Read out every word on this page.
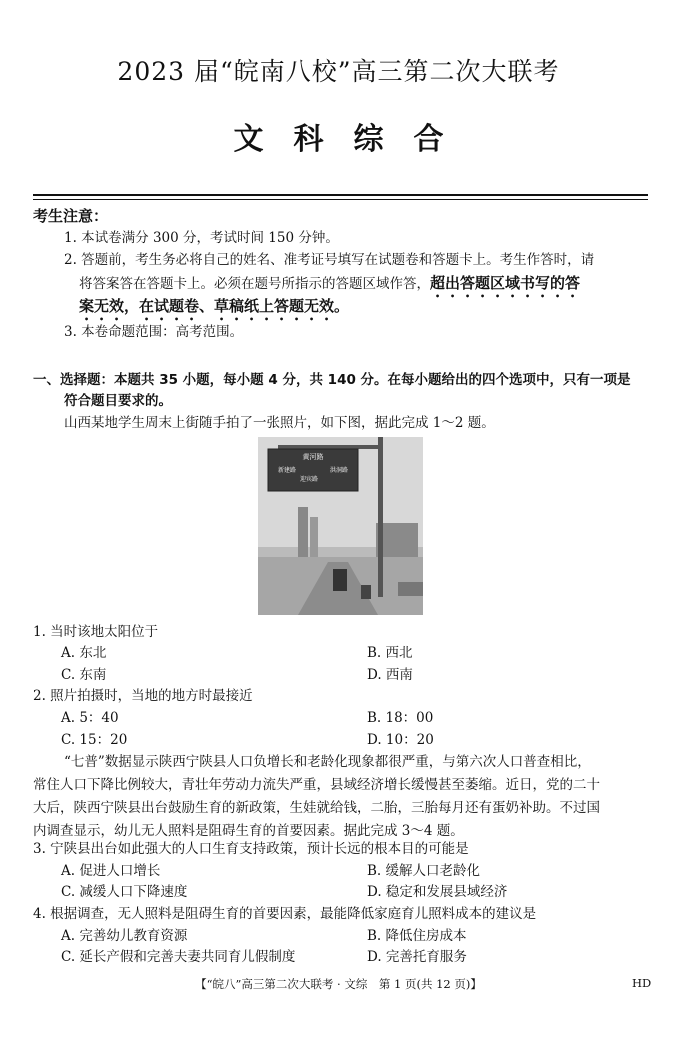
2023 届“皖南八校”高三第二次大联考
文科综合
考生注意：
1. 本试卷满分 300 分，考试时间 150 分钟。
2. 答题前，考生务必将自己的姓名、准考证号填写在试题卷和答题卡上。考生作答时，请
将答案答在答题卡上。必须在题号所指示的答题区域作答，超出答题区域书写的答
案无效，在试题卷、草稿纸上答题无效。
3. 本卷命题范围：高考范围。
一、选择题：本题共 35 小题，每小题 4 分，共 140 分。在每小题给出的四个选项中，只有一项是
符合题目要求的。
山西某地学生周末上街随手拍了一张照片，如下图，据此完成 1～2 题。
黄河路
新建路	洪洞路
迎宾路
1. 当时该地太阳位于
A. 东北	B. 西北
C. 东南	D. 西南
2. 照片拍摄时，当地的地方时最接近
A. 5：40	B. 18：00
C. 15：20	D. 10：20
“七普”数据显示陕西宁陕县人口负增长和老龄化现象都很严重，与第六次人口普查相比，
常住人口下降比例较大，青壮年劳动力流失严重，县域经济增长缓慢甚至萎缩。近日，党的二十
大后，陕西宁陕县出台鼓励生育的新政策，生娃就给钱，二胎，三胎每月还有蛋奶补助。不过国
内调查显示，幼儿无人照料是阻碍生育的首要因素。据此完成 3～4 题。
3. 宁陕县出台如此强大的人口生育支持政策，预计长远的根本目的可能是
A. 促进人口增长	B. 缓解人口老龄化
C. 减缓人口下降速度	D. 稳定和发展县域经济
4. 根据调查，无人照料是阻碍生育的首要因素，最能降低家庭育儿照料成本的建议是
A. 完善幼儿教育资源	B. 降低住房成本
C. 延长产假和完善夫妻共同育儿假制度	D. 完善托育服务
【“皖八”高三第二次大联考 · 文综　第 1 页(共 12 页)】	HD
